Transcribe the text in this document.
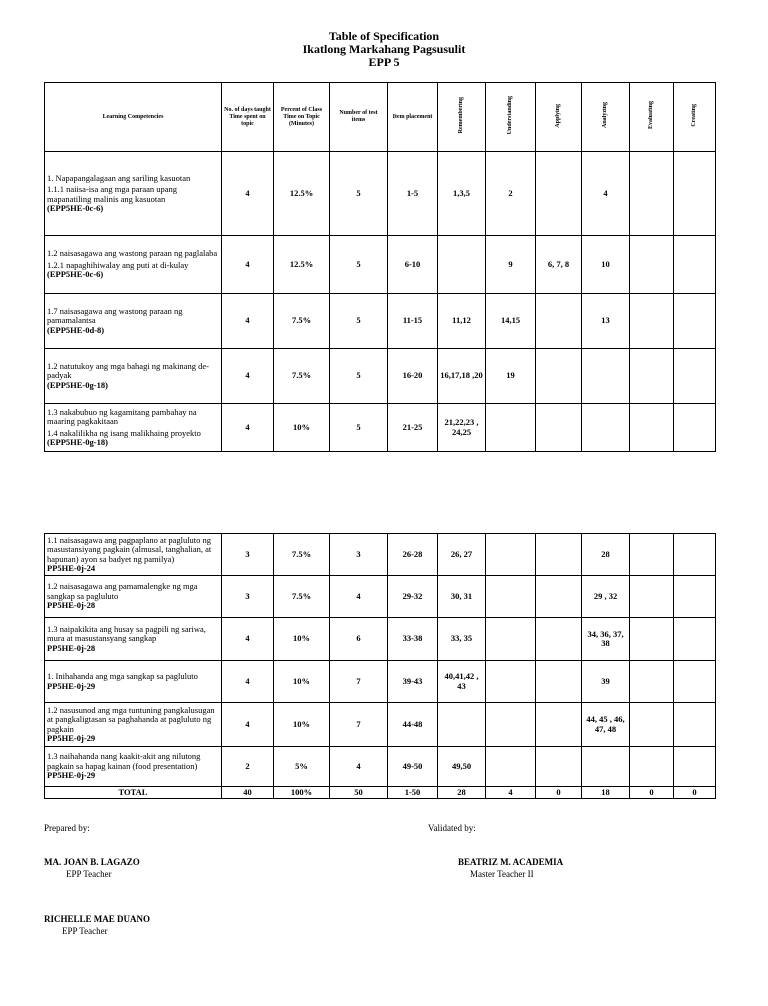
Table of Specification
Ikatlong Markahang Pagsusulit
EPP 5
Learning Competencies	No. of days taught Time spent on topic	Percent of Class Time on Topic (Minutes)	Number of test items	Item placement	Remembering	Understanding	Applying	Analyzing	Evaluating	Creating

1. Napapangalagaan ang sariling kasuotan
1.1.1 naiisa-isa ang mga paraan upang mapanatiling malinis ang kasuotan
(EPP5HE-0c-6)	4	12.5%	5	1-5	1,3,5	2		4		

1.2 naisasagawa ang wastong paraan ng paglalaba
1.2.1 napaghihiwalay ang puti at di-kulay
(EPP5HE-0c-6)	4	12.5%	5	6-10		9	6, 7, 8	10		

1.7 naisasagawa ang wastong paraan ng pamamalantsa
(EPP5HE-0d-8)	4	7.5%	5	11-15	11,12	14,15		13		

1.2 natutukoy ang mga bahagi ng makinang de-padyak
(EPP5HE-0g-18)	4	7.5%	5	16-20	16,17,18 ,20	19				

1.3 nakabubuo ng kagamitang pambahay na maaring pagkakitaan
1.4 nakalilikha ng isang malikhaing proyekto
(EPP5HE-0g-18)	4	10%	5	21-25	21,22,23 , 24,25					
1.1 naisasagawa ang pagpaplano at pagluluto ng masustansiyang pagkain (almusal, tanghalian, at hapunan) ayon sa badyet ng pamilya)
PP5HE-0j-24	3	7.5%	3	26-28	26, 27			28		

1.2 naisasagawa ang pamamalengke ng mga sangkap sa pagluluto
PP5HE-0j-28	3	7.5%	4	29-32	30, 31			29 , 32		

1.3 naipakikita ang husay sa pagpili ng sariwa, mura at masustansyang sangkap
PP5HE-0j-28	4	10%	6	33-38	33, 35			34, 36, 37, 38		

1. Inihahanda ang mga sangkap sa pagluluto
PP5HE-0j-29	4	10%	7	39-43	40,41,42 , 43			39		

1.2 nasusunod ang mga tuntuning pangkalusugan at pangkaligtasan sa paghahanda at pagluluto ng pagkain
PP5HE-0j-29	4	10%	7	44-48				44, 45 , 46, 47, 48		

1.3 naihahanda nang kaakit-akit ang nilutong pagkain sa hapag kainan (food presentation)
PP5HE-0j-29	2	5%	4	49-50	49,50					
TOTAL	40	100%	50	1-50	28	4	0	18	0	0
Prepared by:	Validated by:
MA. JOAN B. LAGAZO
EPP Teacher
BEATRIZ M. ACADEMIA
Master Teacher II
RICHELLE MAE DUANO
EPP Teacher
